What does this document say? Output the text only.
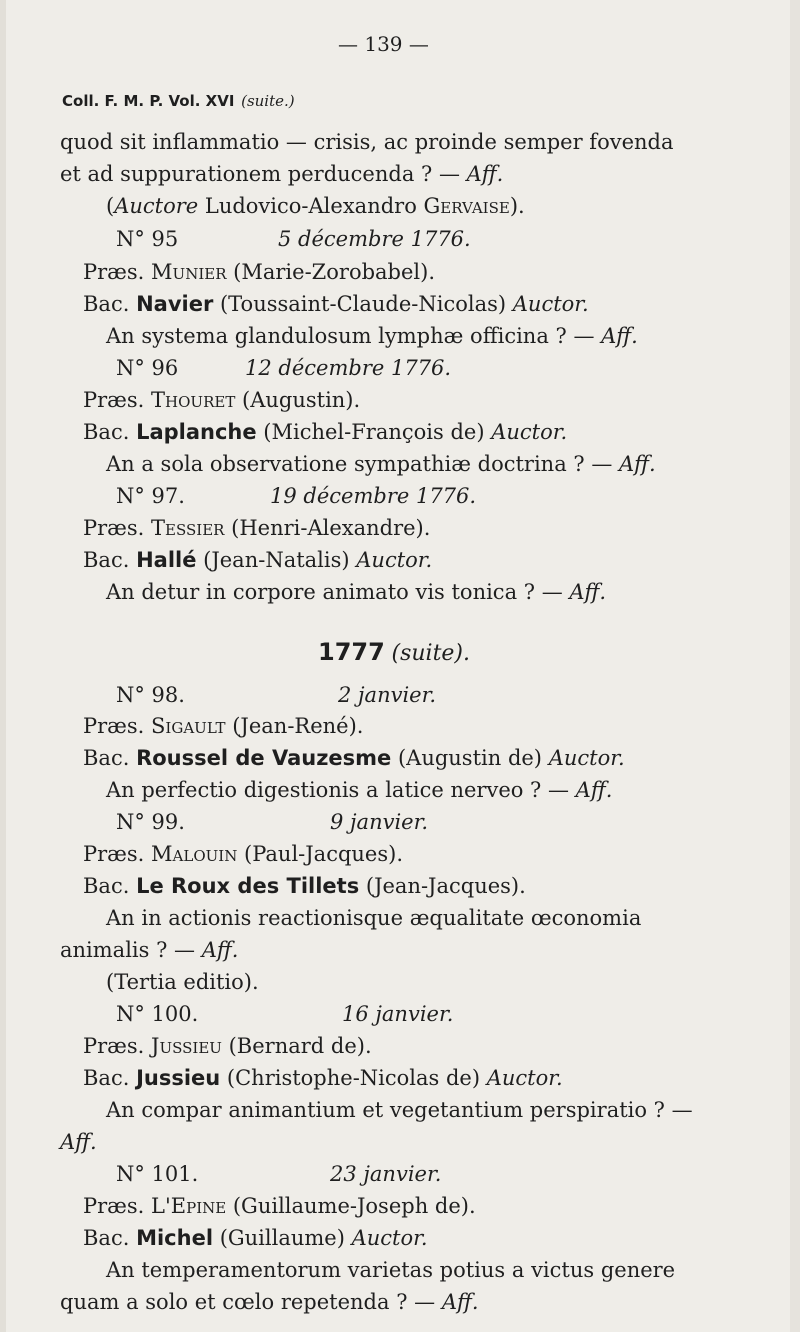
— 139 —
Coll. F. M. P. Vol. XVI (suite.)
quod sit inflammatio — crisis, ac proinde semper fovenda
et ad suppurationem perducenda ? — Aff.
(Auctore Ludovico-Alexandro Gervaise).
N° 95	5 décembre 1776.
Præs. Munier (Marie-Zorobabel).
Bac. Navier (Toussaint-Claude-Nicolas) Auctor.
An systema glandulosum lymphæ officina ? — Aff.
N° 96	12 décembre 1776.
Præs. Thouret (Augustin).
Bac. Laplanche (Michel-François de) Auctor.
An a sola observatione sympathiæ doctrina ? — Aff.
N° 97.	19 décembre 1776.
Præs. Tessier (Henri-Alexandre).
Bac. Hallé (Jean-Natalis) Auctor.
An detur in corpore animato vis tonica ? — Aff.
1777 (suite).
N° 98.	2 janvier.
Præs. Sigault (Jean-René).
Bac. Roussel de Vauzesme (Augustin de) Auctor.
An perfectio digestionis a latice nerveo ? — Aff.
N° 99.	9 janvier.
Præs. Malouin (Paul-Jacques).
Bac. Le Roux des Tillets (Jean-Jacques).
An in actionis reactionisque æqualitate œconomia
animalis ? — Aff.
(Tertia editio).
N° 100.	16 janvier.
Præs. Jussieu (Bernard de).
Bac. Jussieu (Christophe-Nicolas de) Auctor.
An compar animantium et vegetantium perspiratio ? —
Aff.
N° 101.	23 janvier.
Præs. L'Epine (Guillaume-Joseph de).
Bac. Michel (Guillaume) Auctor.
An temperamentorum varietas potius a victus genere
quam a solo et cœlo repetenda ? — Aff.
